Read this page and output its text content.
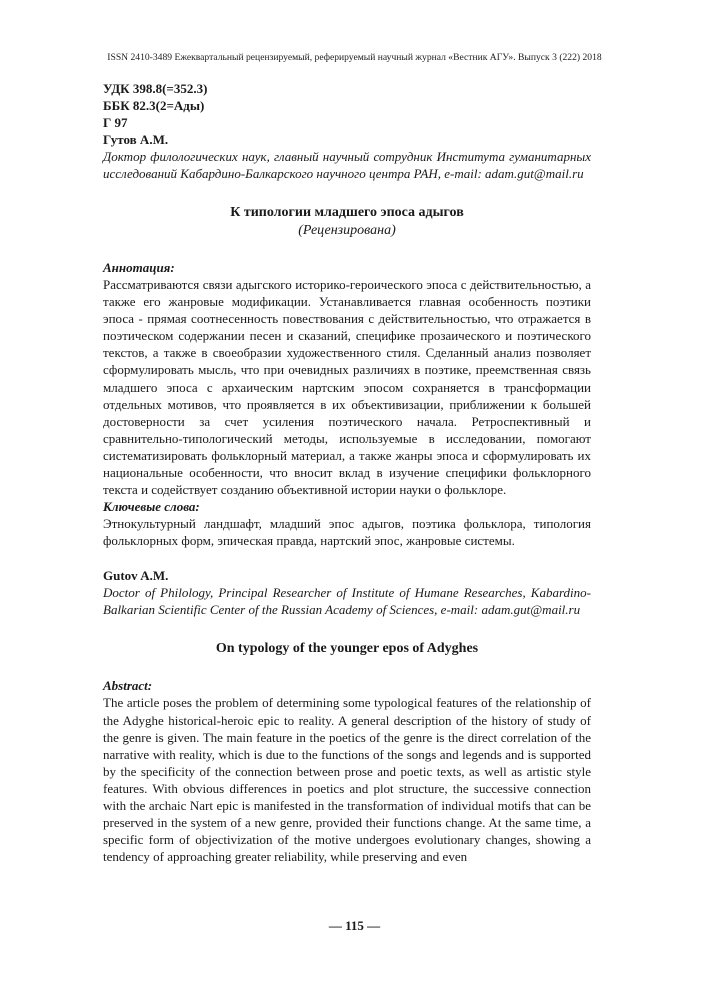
ISSN 2410-3489 Ежеквартальный рецензируемый, реферируемый научный журнал «Вестник АГУ». Выпуск 3 (222) 2018

УДК 398.8(=352.3)

ББК 82.3(2=Ады)

Г 97

Гутов А.М.

Доктор филологических наук, главный научный сотрудник Института гуманитарных исследований Кабардино-Балкарского научного центра РАН, e-mail: adam.gut@mail.ru

К типологии младшего эпоса адыгов

(Рецензирована)

Аннотация:

Рассматриваются связи адыгского историко-героического эпоса с действительностью, а также его жанровые модификации. Устанавливается главная особенность поэтики эпоса - прямая соотнесенность повествования с действительностью, что отражается в поэтическом содержании песен и сказаний, специфике прозаического и поэтического текстов, а также в своеобразии художественного стиля. Сделанный анализ позволяет сформулировать мысль, что при очевидных различиях в поэтике, преемственная связь младшего эпоса с архаическим нартским эпосом сохраняется в трансформации отдельных мотивов, что проявляется в их объективизации, приближении к большей достоверности за счет усиления поэтического начала. Ретроспективный и сравнительно-типологический методы, используемые в исследовании, помогают систематизировать фольклорный материал, а также жанры эпоса и сформулировать их национальные особенности, что вносит вклад в изучение специфики фольклорного текста и содействует созданию объективной истории науки о фольклоре.

Ключевые слова:

Этнокультурный ландшафт, младший эпос адыгов, поэтика фольклора, типология фольклорных форм, эпическая правда, нартский эпос, жанровые системы.

Gutov A.M.

Doctor of Philology, Principal Researcher of Institute of Humane Researches, Kabardino-Balkarian Scientific Center of the Russian Academy of Sciences, e-mail: adam.gut@mail.ru

On typology of the younger epos of Adyghes

Abstract:

The article poses the problem of determining some typological features of the relationship of the Adyghe historical-heroic epic to reality. A general description of the history of study of the genre is given. The main feature in the poetics of the genre is the direct correlation of the narrative with reality, which is due to the functions of the songs and legends and is supported by the specificity of the connection between prose and poetic texts, as well as artistic style features. With obvious differences in poetics and plot structure, the successive connection with the archaic Nart epic is manifested in the transformation of individual motifs that can be preserved in the system of a new genre, provided their functions change. At the same time, a specific form of objectivization of the motive undergoes evolutionary changes, showing a tendency of approaching greater reliability, while preserving and even

— 115 —
